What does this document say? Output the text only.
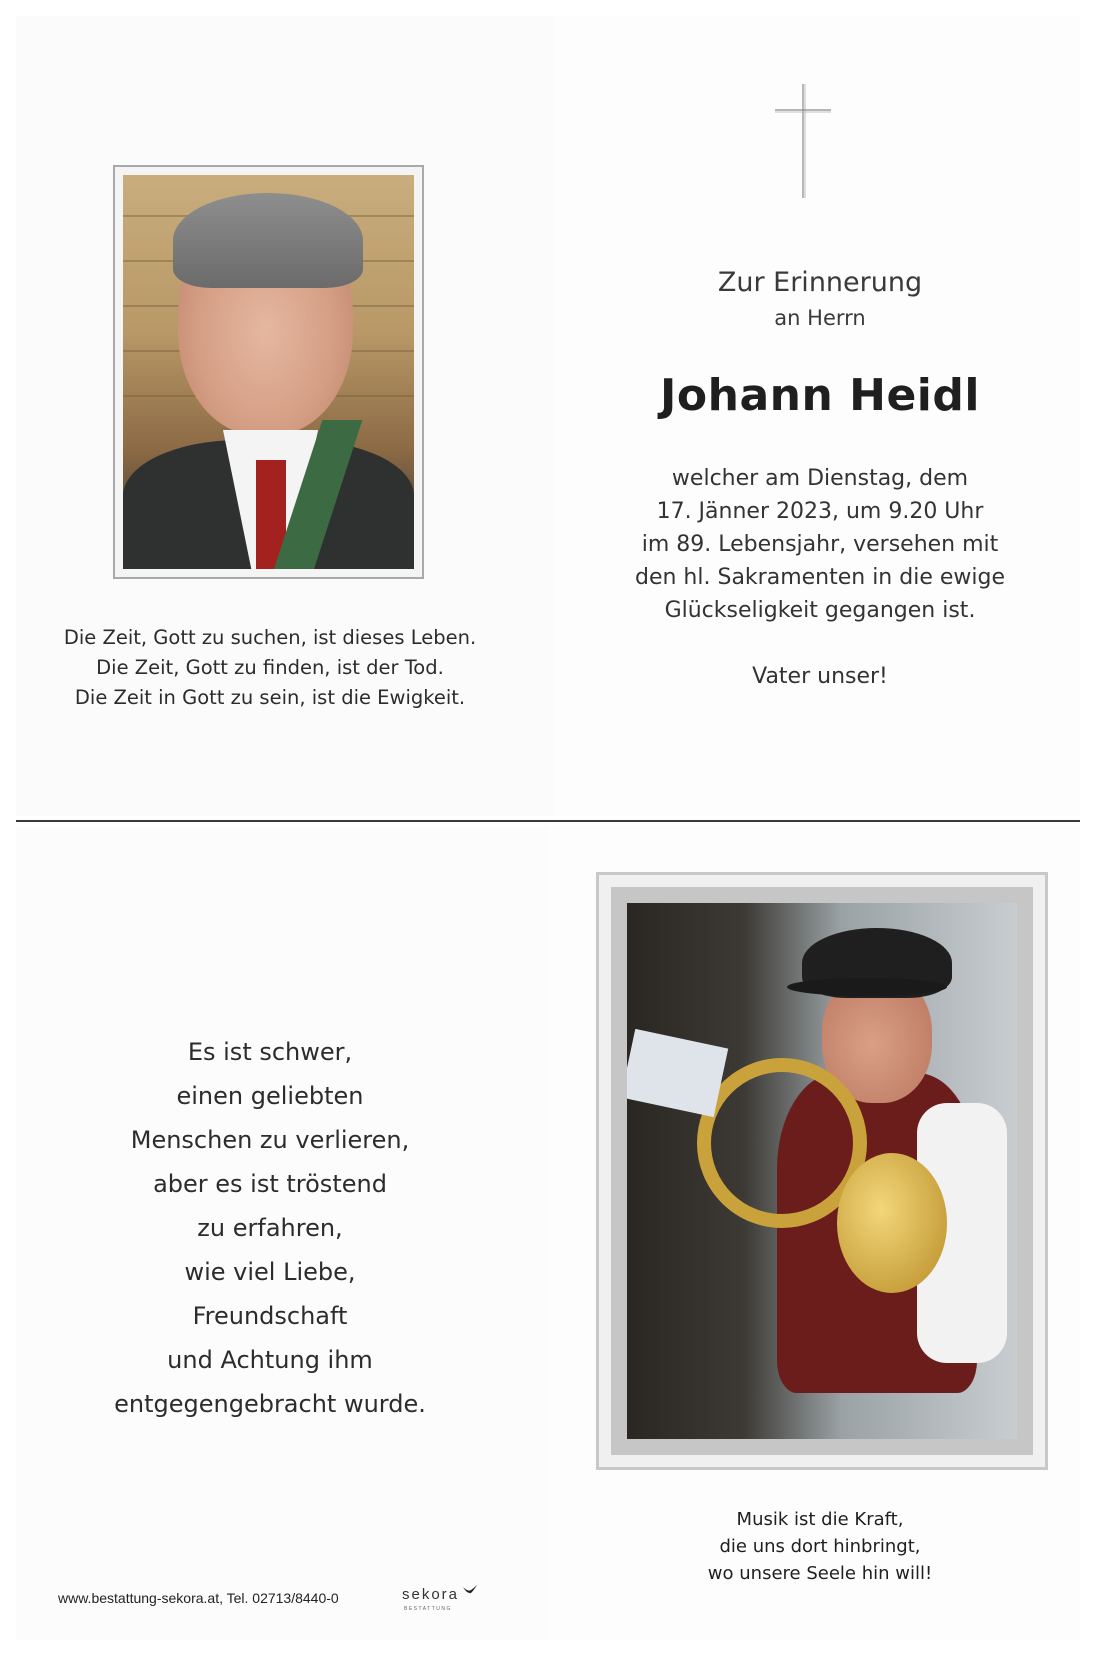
Die Zeit, Gott zu suchen, ist dieses Leben.
Die Zeit, Gott zu finden, ist der Tod.
Die Zeit in Gott zu sein, ist die Ewigkeit.
Zur Erinnerung
an Herrn
Johann Heidl
welcher am Dienstag, dem
17. Jänner 2023, um 9.20 Uhr
im 89. Lebensjahr, versehen mit
den hl. Sakramenten in die ewige
Glückseligkeit gegangen ist.
Vater unser!
Es ist schwer,
einen geliebten
Menschen zu verlieren,
aber es ist tröstend
zu erfahren,
wie viel Liebe,
Freundschaft
und Achtung ihm
entgegengebracht wurde.
Musik ist die Kraft,
die uns dort hinbringt,
wo unsere Seele hin will!
www.bestattung-sekora.at, Tel. 02713/8440-0	sekora
BESTATTUNG
